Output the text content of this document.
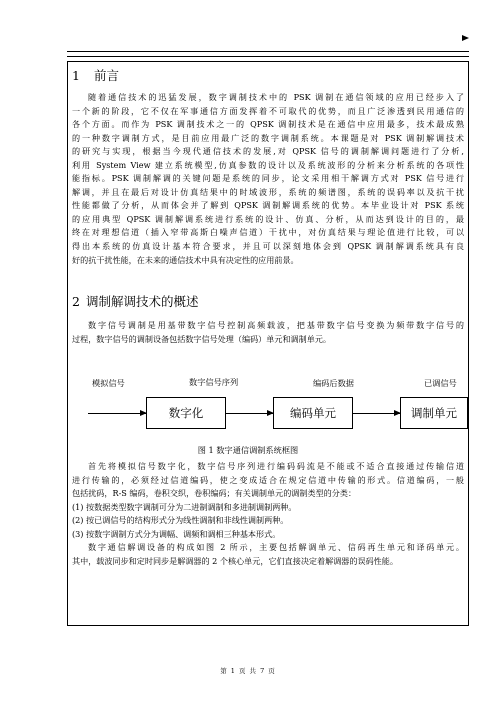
1 前言
随着通信技术的迅猛发展，数字调制技术中的 PSK 调制在通信领域的应用已经步入了
一个新的阶段，它不仅在军事通信方面发挥着不可取代的优势，而且广泛渗透到民用通信的
各个方面。而作为 PSK 调制技术之一的 QPSK 调制技术是在通信中应用最多，技术最成熟
的一种数字调制方式，是目前应用最广泛的数字调制系统。本课题是对 PSK 调制解调技术
的研究与实现，根据当今现代通信技术的发展,对 QPSK 信号的调制解调问题进行了分析,
利用 System View 建立系统模型,仿真参数的设计以及系统波形的分析来分析系统的各项性
能指标。PSK 调制解调的关键问题是系统的同步，论文采用相干解调方式对 PSK 信号进行
解调，并且在最后对设计仿真结果中的时域波形，系统的频谱图，系统的误码率以及抗干扰
性能都做了分析，从而体会并了解到 QPSK 调制解调系统的优势。本毕业设计对 PSK 系统
的应用典型 QPSK 调制解调系统进行系统的设计、仿真、分析，从而达到设计的目的，最
终在对理想信道（插入窄带高斯白噪声信道）干扰中，对仿真结果与理论值进行比较，可以
得出本系统的仿真设计基本符合要求，并且可以深刻地体会到 QPSK 调制解调系统具有良
好的抗干扰性能，在未来的通信技术中具有决定性的应用前景。
2 调制解调技术的概述
数字信号调制是用基带数字信号控制高频载波，把基带数字信号变换为频带数字信号的
过程，数字信号的调制设备包括数字信号处理（编码）单元和调制单元。
模拟信号	数字信号序列	编码后数据	已调信号
数字化	编码单元	调制单元
图 1 数字通信调制系统框图
首先将模拟信号数字化，数字信号序列进行编码码流是不能或不适合直接通过传输信道
进行传输的，必须经过信道编码，使之变成适合在规定信道中传输的形式。信道编码，一般
包括扰码，R-S 编码，卷积交织，卷积编码；有关调制单元的调制类型的分类：
(1) 按数据类型数字调制可分为二进制调制和多进制调制两种。
(2) 按已调信号的结构形式分为线性调制和非线性调制两种。
(3) 按数字调制方式分为调幅、调频和调相三种基本形式。
数字通信解调设备的构成如图 2 所示，主要包括解调单元、信码再生单元和译码单元。
其中，载波同步和定时同步是解调器的 2 个核心单元，它们直接决定着解调器的误码性能。
第 1 页 共 7 页
